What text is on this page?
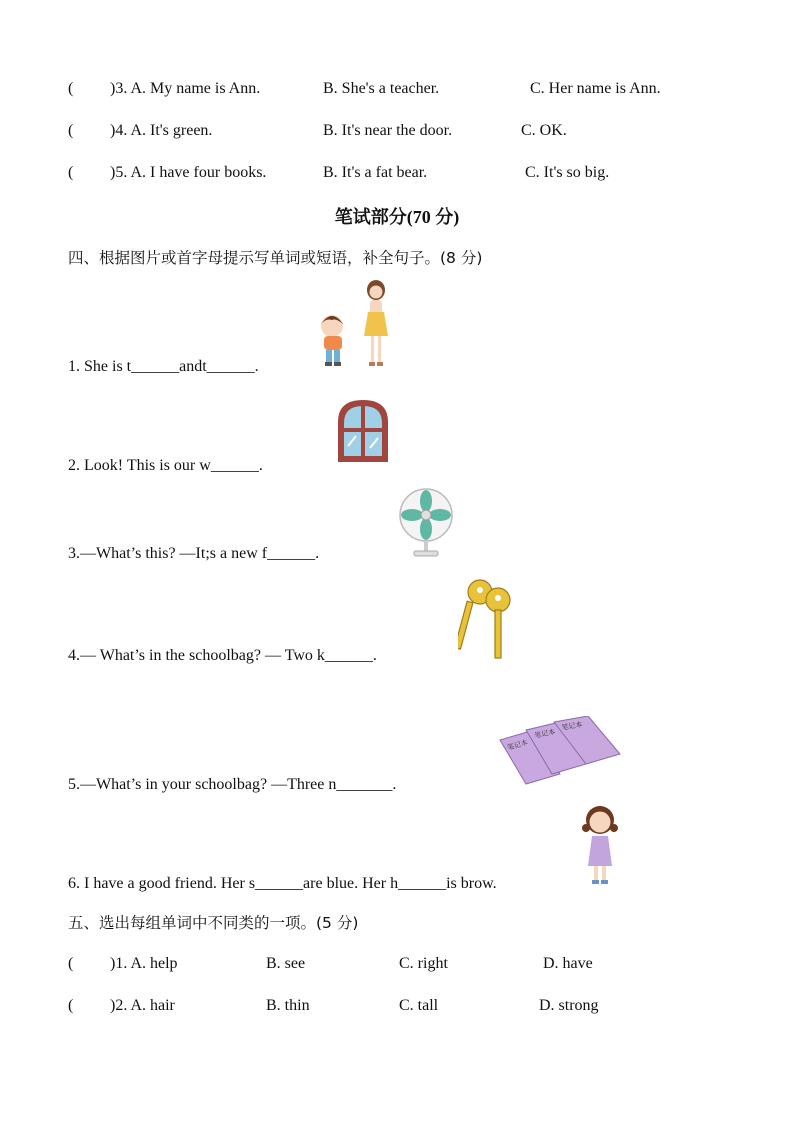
( )3. A. My name is Ann.	B. She's a teacher.	C. Her name is Ann.
( )4. A. It's green.	B. It's near the door.	C. OK.
( )5. A. I have four books.	B. It's a fat bear.	C. It's so big.
笔试部分(70 分)
四、根据图片或首字母提示写单词或短语，补全句子。(8 分)
1. She is t______andt______.
2. Look! This is our w______.
3.—What’s this? —It;s a new f______.
4.— What’s in the schoolbag? — Two k______.
笔记本
笔记本
笔记本
5.—What’s in your schoolbag? —Three n_______.
6. I have a good friend. Her s______are blue. Her h______is brow.
五、选出每组单词中不同类的一项。(5 分)
( )1. A. help	B. see	C. right	D. have
( )2. A. hair	B. thin	C. tall	D. strong
